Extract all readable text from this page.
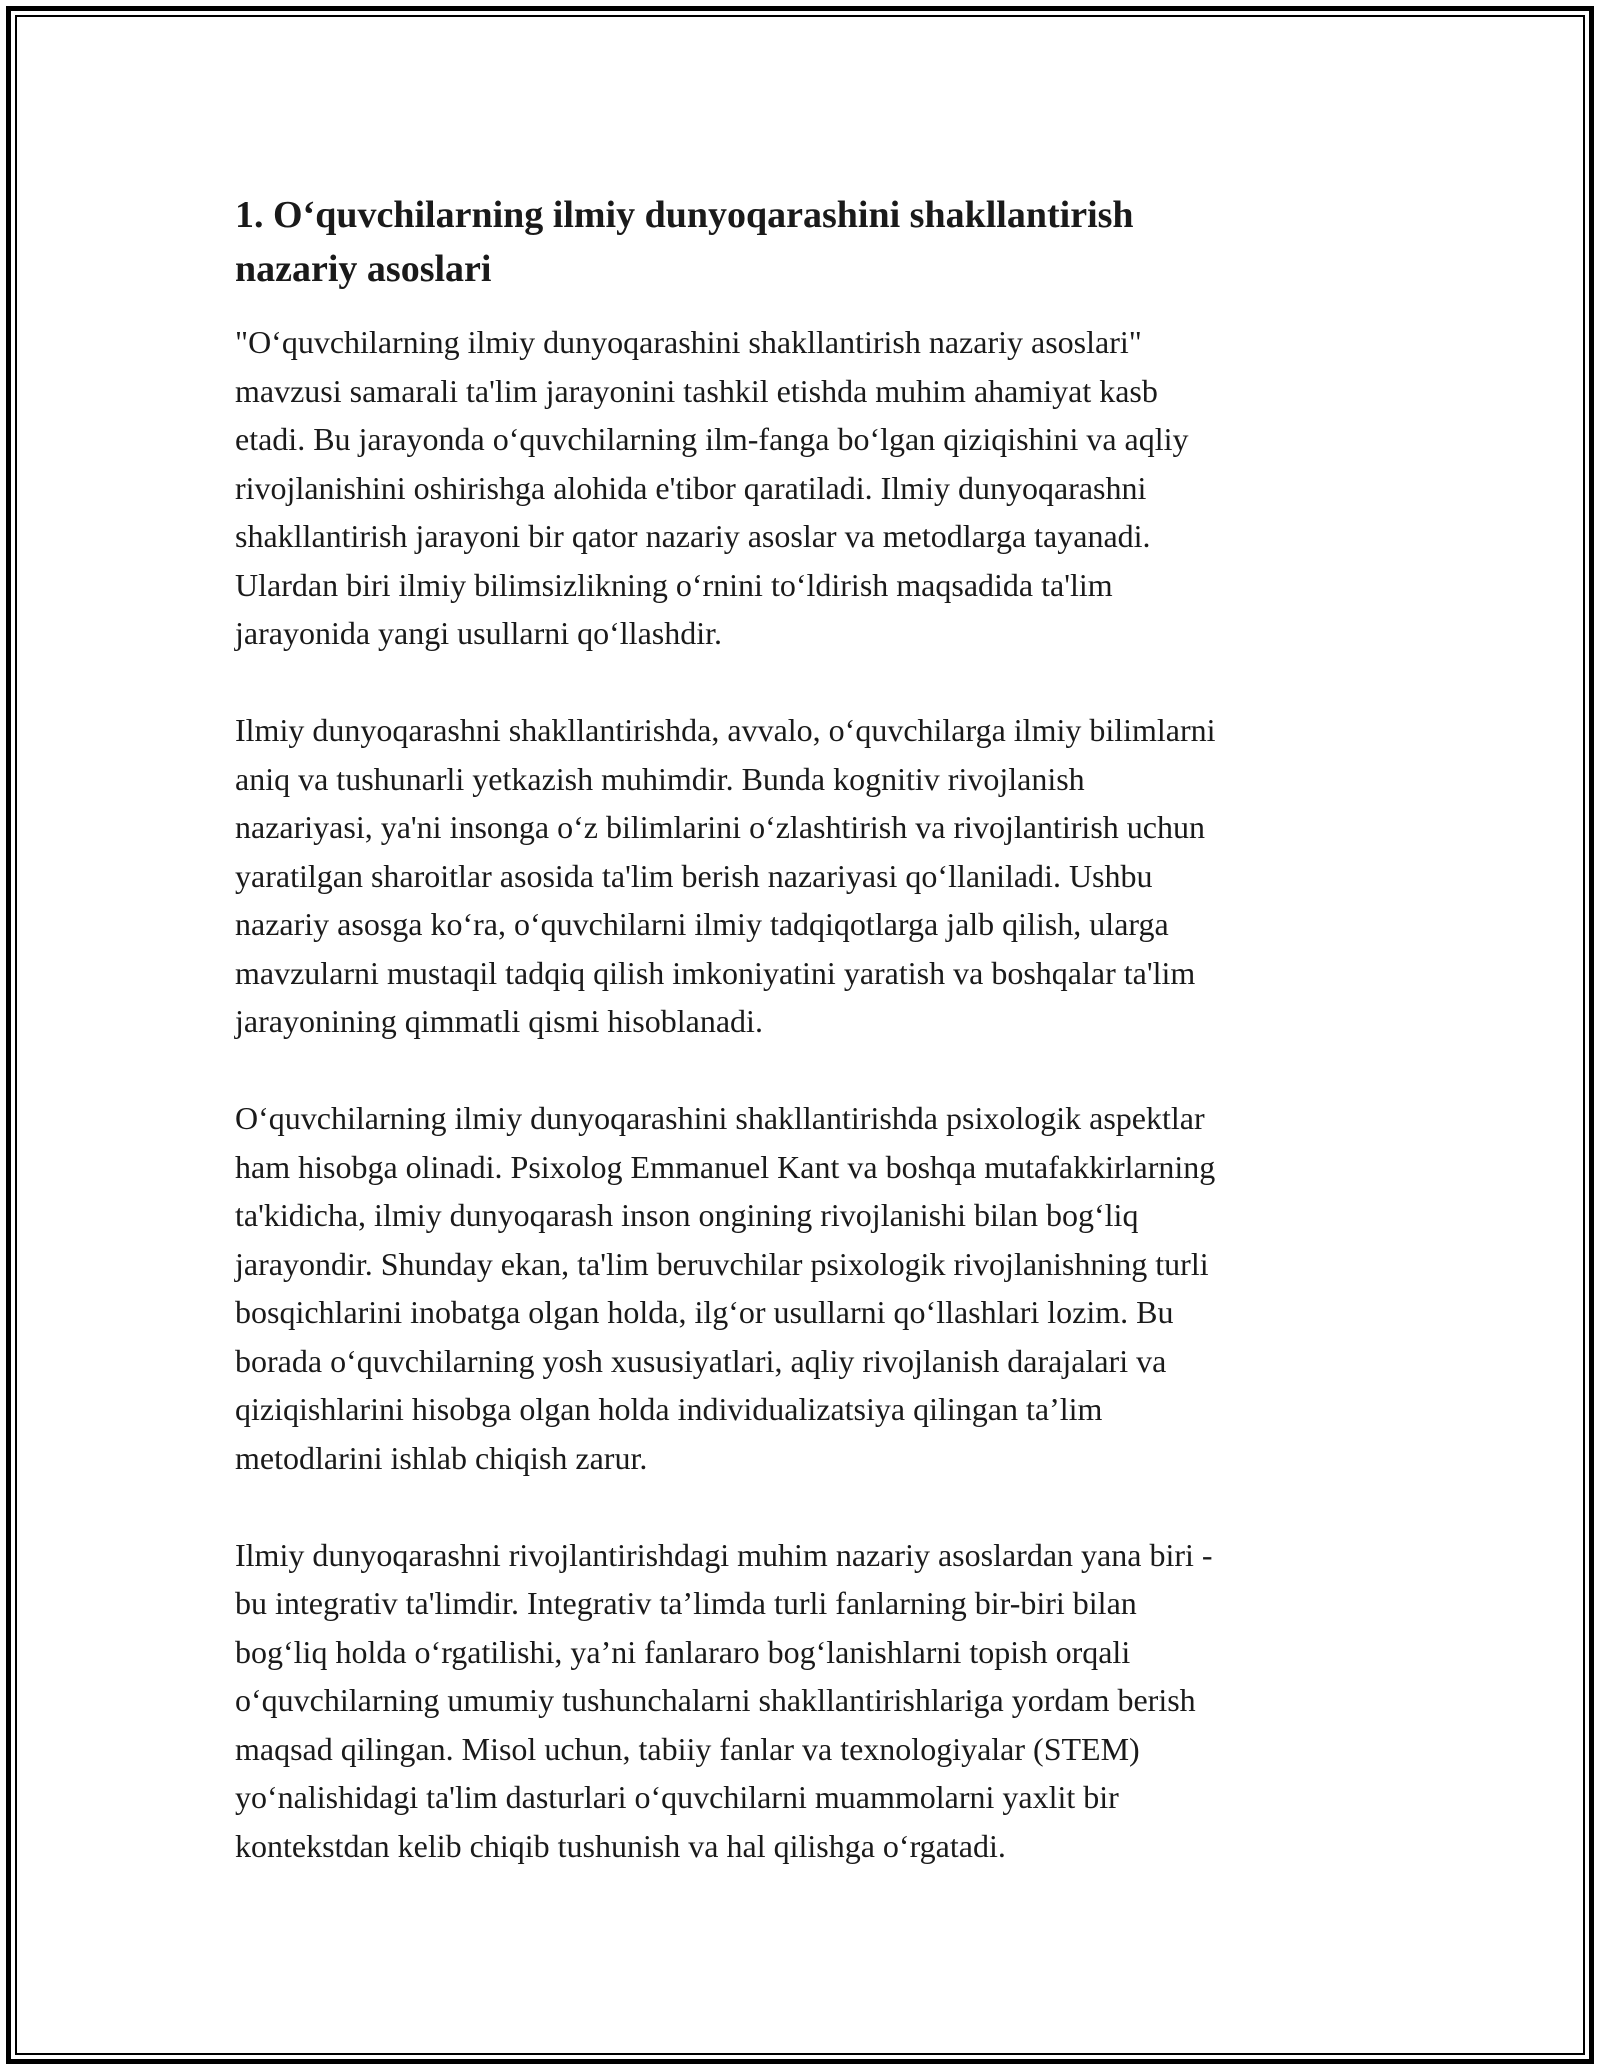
1. O‘quvchilarning ilmiy dunyoqarashini shakllantirish
nazariy asoslari

"O‘quvchilarning ilmiy dunyoqarashini shakllantirish nazariy asoslari"
mavzusi samarali ta'lim jarayonini tashkil etishda muhim ahamiyat kasb
etadi. Bu jarayonda o‘quvchilarning ilm-fanga bo‘lgan qiziqishini va aqliy
rivojlanishini oshirishga alohida e'tibor qaratiladi. Ilmiy dunyoqarashni
shakllantirish jarayoni bir qator nazariy asoslar va metodlarga tayanadi.
Ulardan biri ilmiy bilimsizlikning o‘rnini to‘ldirish maqsadida ta'lim
jarayonida yangi usullarni qo‘llashdir.

Ilmiy dunyoqarashni shakllantirishda, avvalo, o‘quvchilarga ilmiy bilimlarni
aniq va tushunarli yetkazish muhimdir. Bunda kognitiv rivojlanish
nazariyasi, ya'ni insonga o‘z bilimlarini o‘zlashtirish va rivojlantirish uchun
yaratilgan sharoitlar asosida ta'lim berish nazariyasi qo‘llaniladi. Ushbu
nazariy asosga ko‘ra, o‘quvchilarni ilmiy tadqiqotlarga jalb qilish, ularga
mavzularni mustaqil tadqiq qilish imkoniyatini yaratish va boshqalar ta'lim
jarayonining qimmatli qismi hisoblanadi.

O‘quvchilarning ilmiy dunyoqarashini shakllantirishda psixologik aspektlar
ham hisobga olinadi. Psixolog Emmanuel Kant va boshqa mutafakkirlarning
ta'kidicha, ilmiy dunyoqarash inson ongining rivojlanishi bilan bog‘liq
jarayondir. Shunday ekan, ta'lim beruvchilar psixologik rivojlanishning turli
bosqichlarini inobatga olgan holda, ilg‘or usullarni qo‘llashlari lozim. Bu
borada o‘quvchilarning yosh xususiyatlari, aqliy rivojlanish darajalari va
qiziqishlarini hisobga olgan holda individualizatsiya qilingan ta’lim
metodlarini ishlab chiqish zarur.

Ilmiy dunyoqarashni rivojlantirishdagi muhim nazariy asoslardan yana biri -
bu integrativ ta'limdir. Integrativ ta’limda turli fanlarning bir-biri bilan
bog‘liq holda o‘rgatilishi, ya’ni fanlararo bog‘lanishlarni topish orqali
o‘quvchilarning umumiy tushunchalarni shakllantirishlariga yordam berish
maqsad qilingan. Misol uchun, tabiiy fanlar va texnologiyalar (STEM)
yo‘nalishidagi ta'lim dasturlari o‘quvchilarni muammolarni yaxlit bir
kontekstdan kelib chiqib tushunish va hal qilishga o‘rgatadi.
